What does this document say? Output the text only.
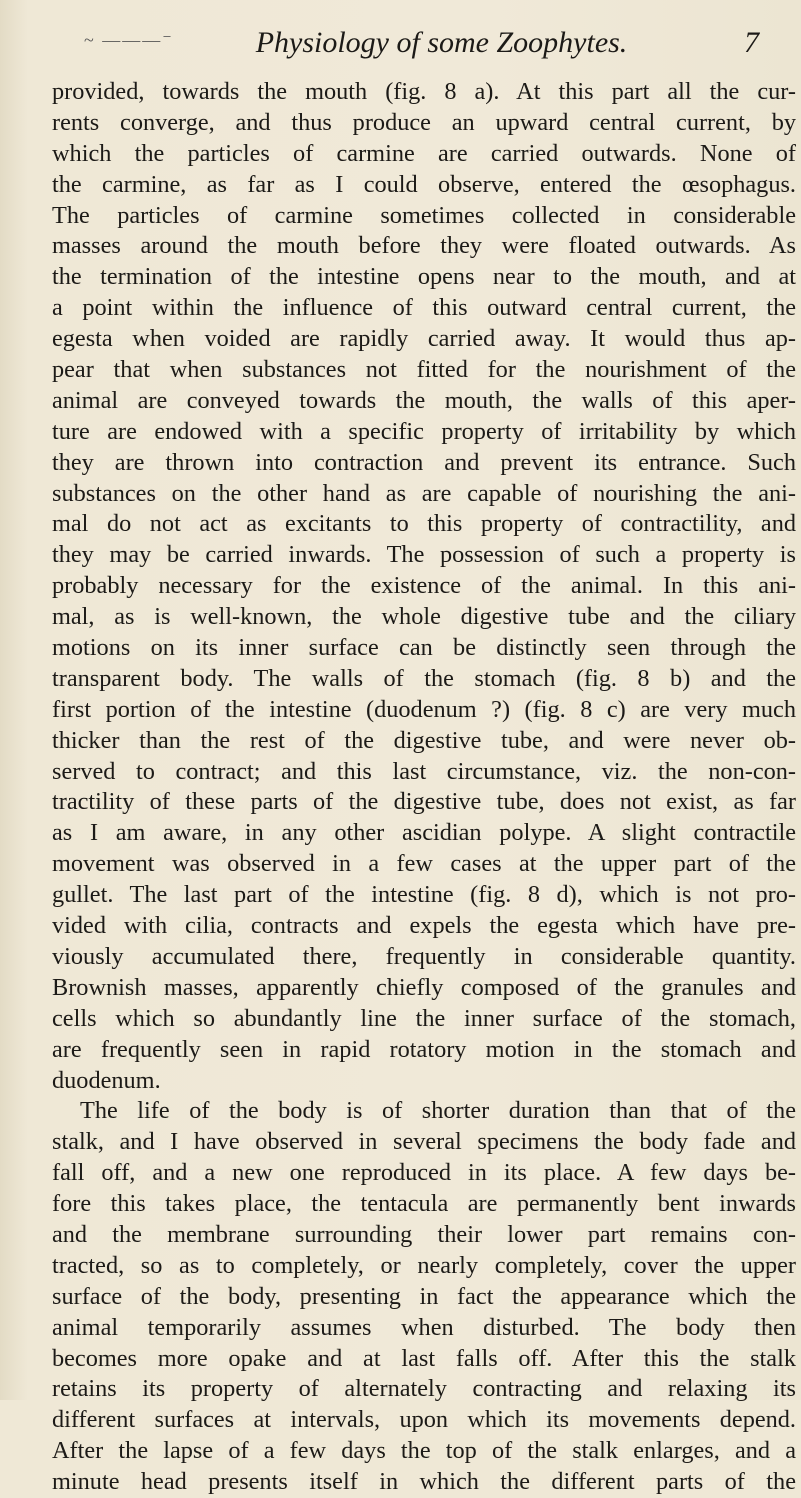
~ ———⁻	Physiology of some Zoophytes.	7
provided, towards the mouth (fig. 8 a). At this part all the cur-
rents converge, and thus produce an upward central current, by
which the particles of carmine are carried outwards. None of
the carmine, as far as I could observe, entered the œsophagus.
The particles of carmine sometimes collected in considerable
masses around the mouth before they were floated outwards. As
the termination of the intestine opens near to the mouth, and at
a point within the influence of this outward central current, the
egesta when voided are rapidly carried away. It would thus ap-
pear that when substances not fitted for the nourishment of the
animal are conveyed towards the mouth, the walls of this aper-
ture are endowed with a specific property of irritability by which
they are thrown into contraction and prevent its entrance. Such
substances on the other hand as are capable of nourishing the ani-
mal do not act as excitants to this property of contractility, and
they may be carried inwards. The possession of such a property is
probably necessary for the existence of the animal. In this ani-
mal, as is well-known, the whole digestive tube and the ciliary
motions on its inner surface can be distinctly seen through the
transparent body. The walls of the stomach (fig. 8 b) and the
first portion of the intestine (duodenum ?) (fig. 8 c) are very much
thicker than the rest of the digestive tube, and were never ob-
served to contract; and this last circumstance, viz. the non-con-
tractility of these parts of the digestive tube, does not exist, as far
as I am aware, in any other ascidian polype. A slight contractile
movement was observed in a few cases at the upper part of the
gullet. The last part of the intestine (fig. 8 d), which is not pro-
vided with cilia, contracts and expels the egesta which have pre-
viously accumulated there, frequently in considerable quantity.
Brownish masses, apparently chiefly composed of the granules and
cells which so abundantly line the inner surface of the stomach,
are frequently seen in rapid rotatory motion in the stomach and
duodenum.
The life of the body is of shorter duration than that of the
stalk, and I have observed in several specimens the body fade and
fall off, and a new one reproduced in its place. A few days be-
fore this takes place, the tentacula are permanently bent inwards
and the membrane surrounding their lower part remains con-
tracted, so as to completely, or nearly completely, cover the upper
surface of the body, presenting in fact the appearance which the
animal temporarily assumes when disturbed. The body then
becomes more opake and at last falls off. After this the stalk
retains its property of alternately contracting and relaxing its
different surfaces at intervals, upon which its movements depend.
After the lapse of a few days the top of the stalk enlarges, and a
minute head presents itself in which the different parts of the
